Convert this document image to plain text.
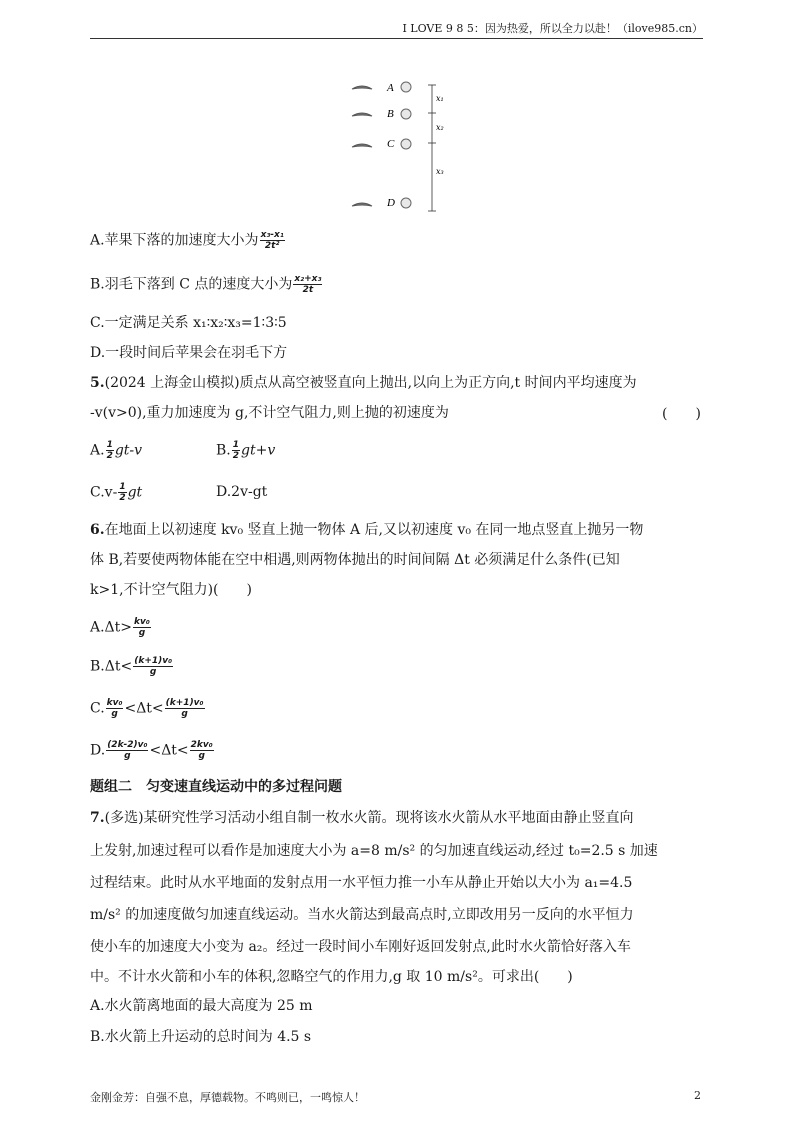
I LOVE 9 8 5：因为热爱，所以全力以赴！（ilove985.cn）
A
B
C
D
x₁
x₂
x₃
A.苹果下落的加速度大小为 $\frac{\text{x₃-x₁}}{\text{2t²}}$
B.羽毛下落到 C 点的速度大小为 $\frac{\text{x₂+x₃}}{2t}$
C.一定满足关系 x₁∶x₂∶x₃=1∶3∶5
D.一段时间后苹果会在羽毛下方
5.(2024 上海金山模拟)质点从高空被竖直向上抛出,以向上为正方向,t 时间内平均速度为
-v(v>0),重力加速度为 g,不计空气阻力,则上抛的初速度为	(　　)
A. $\frac{1}{2} gt-v$	B. $\frac{1}{2} gt+v$
$C.v- \frac{1}{2}$ gt	D.2v-gt
6.在地面上以初速度 kv₀ 竖直上抛一物体 A 后,又以初速度 v₀ 在同一地点竖直上抛另一物
体 B,若要使两物体能在空中相遇,则两物体抛出的时间间隔 Δt 必须满足什么条件(已知
k>1,不计空气阻力)(　　)
$A.\Delta t> \frac{\text{kv₀}}{g}$
$B.\Delta t< \frac{\text{(k+1)v₀}}{g}$
C. $\frac{\text{kv₀}}{g} <\Delta t< \frac{\text{(k+1)v₀}}{g}$
D. $\frac{\text{(2k-2)v₀}}{g} <\Delta t< \frac{\text{2kv₀}}{g}$
题组二　匀变速直线运动中的多过程问题
7.(多选)某研究性学习活动小组自制一枚水火箭。现将该水火箭从水平地面由静止竖直向
上发射,加速过程可以看作是加速度大小为 a=8 m/s² 的匀加速直线运动,经过 t₀=2.5 s 加速
过程结束。此时从水平地面的发射点用一水平恒力推一小车从静止开始以大小为 a₁=4.5
m/s² 的加速度做匀加速直线运动。当水火箭达到最高点时,立即改用另一反向的水平恒力
使小车的加速度大小变为 a₂。经过一段时间小车刚好返回发射点,此时水火箭恰好落入车
中。不计水火箭和小车的体积,忽略空气的作用力,g 取 10 m/s²。可求出(　　)
A.水火箭离地面的最大高度为 25 m
B.水火箭上升运动的总时间为 4.5 s
金刚金芳：自强不息，厚德载物。不鸣则已，一鸣惊人！	2
